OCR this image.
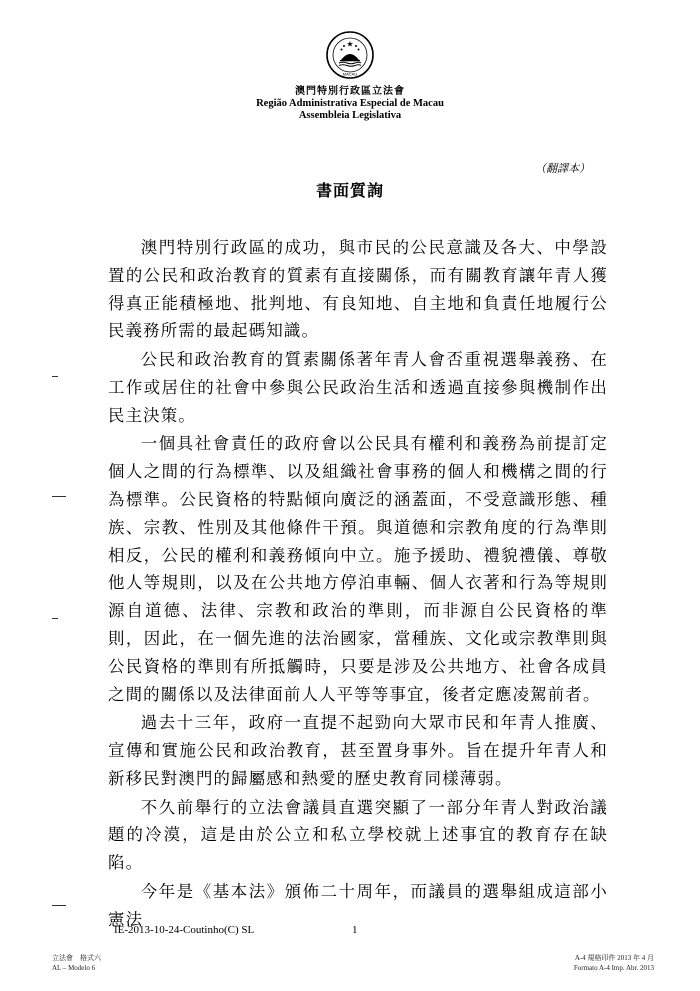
MACAU
澳門特別行政區立法會
Região Administrativa Especial de Macau
Assembleia Legislativa
（翻譯本）
書面質詢

澳門特別行政區的成功，與市民的公民意識及各大、中學設置的公民和政治教育的質素有直接關係，而有關教育讓年青人獲得真正能積極地、批判地、有良知地、自主地和負責任地履行公民義務所需的最起碼知識。

公民和政治教育的質素關係著年青人會否重視選舉義務、在工作或居住的社會中參與公民政治生活和透過直接參與機制作出民主決策。

一個具社會責任的政府會以公民具有權利和義務為前提訂定個人之間的行為標準、以及組織社會事務的個人和機構之間的行為標準。公民資格的特點傾向廣泛的涵蓋面，不受意識形態、種族、宗教、性別及其他條件干預。與道德和宗教角度的行為準則相反，公民的權利和義務傾向中立。施予援助、禮貌禮儀、尊敬他人等規則，以及在公共地方停泊車輛、個人衣著和行為等規則源自道德、法律、宗教和政治的準則，而非源自公民資格的準則，因此，在一個先進的法治國家，當種族、文化或宗教準則與公民資格的準則有所抵觸時，只要是涉及公共地方、社會各成員之間的關係以及法律面前人人平等等事宜，後者定應凌駕前者。

過去十三年，政府一直提不起勁向大眾市民和年青人推廣、宣傳和實施公民和政治教育，甚至置身事外。旨在提升年青人和新移民對澳門的歸屬感和熱愛的歷史教育同樣薄弱。

不久前舉行的立法會議員直選突顯了一部分年青人對政治議題的冷漠，這是由於公立和私立學校就上述事宜的教育存在缺陷。

今年是《基本法》頒佈二十周年，而議員的選舉組成這部小憲法

IE-2013-10-24-Coutinho(C) SL	1
立法會　格式六
AL – Modelo 6
A-4 規格印件 2013 年 4 月
Formato A-4 Imp. Abr. 2013
